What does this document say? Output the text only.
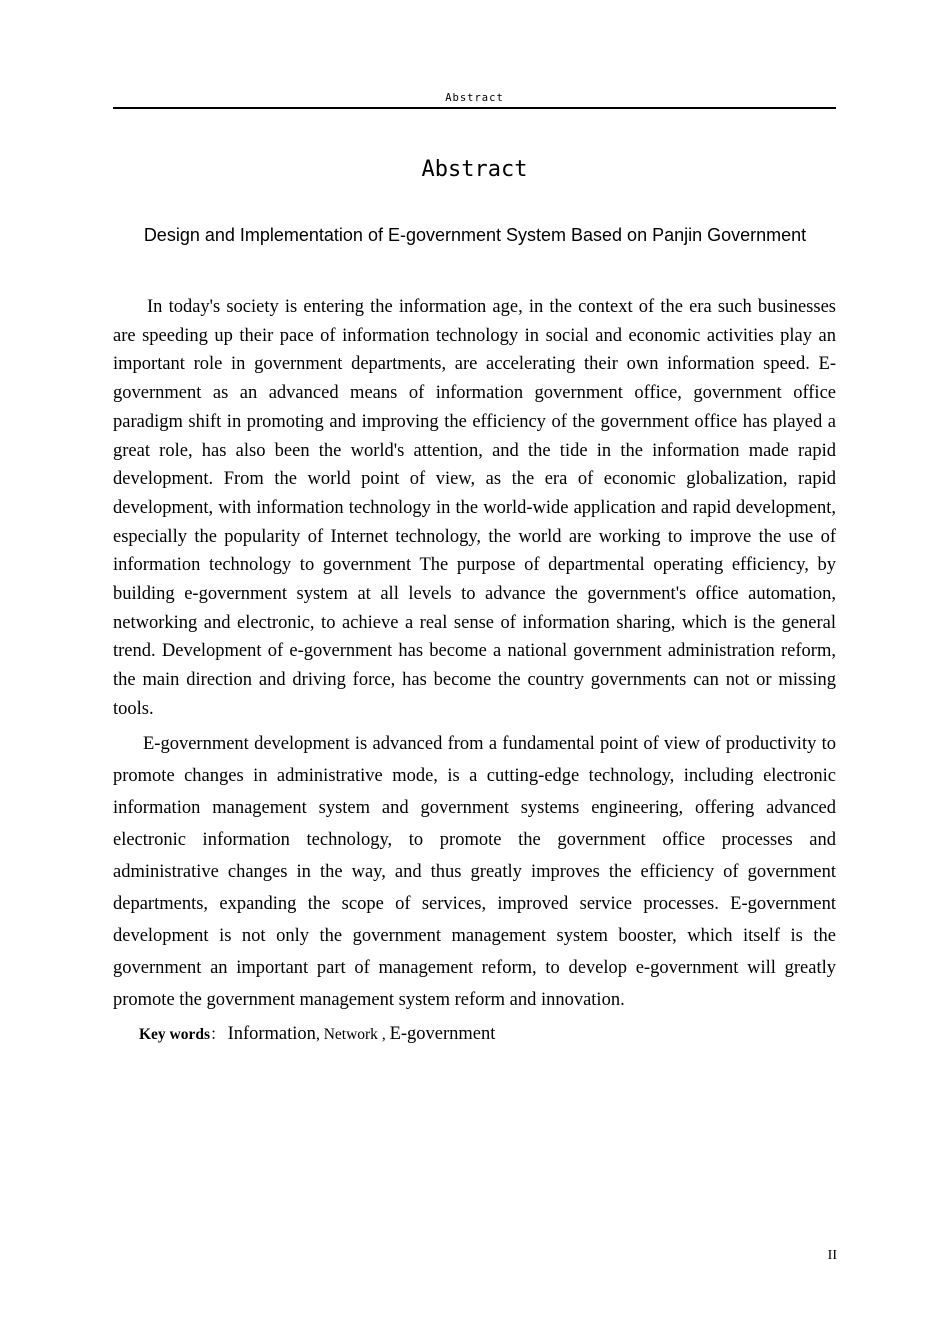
Abstract
Abstract
Design and Implementation of E-government System Based on Panjin Government

In today's society is entering the information age, in the context of the era such businesses are speeding up their pace of information technology in social and economic activities play an important role in government departments, are accelerating their own information speed. E-government as an advanced means of information government office, government office paradigm shift in promoting and improving the efficiency of the government office has played a great role, has also been the world's attention, and the tide in the information made rapid development. From the world point of view, as the era of economic globalization, rapid development, with information technology in the world-wide application and rapid development, especially the popularity of Internet technology, the world are working to improve the use of information technology to government The purpose of departmental operating efficiency, by building e-government system at all levels to advance the government's office automation, networking and electronic, to achieve a real sense of information sharing, which is the general trend. Development of e-government has become a national government administration reform, the main direction and driving force, has become the country governments can not or missing tools.

E-government development is advanced from a fundamental point of view of productivity to promote changes in administrative mode, is a cutting-edge technology, including electronic information management system and government systems engineering, offering advanced electronic information technology, to promote the government office processes and administrative changes in the way, and thus greatly improves the efficiency of government departments, expanding the scope of services, improved service processes. E-government development is not only the government management system booster, which itself is the government an important part of management reform, to develop e-government will greatly promote the government management system reform and innovation.

Key words： Information, Network , E-government

II
